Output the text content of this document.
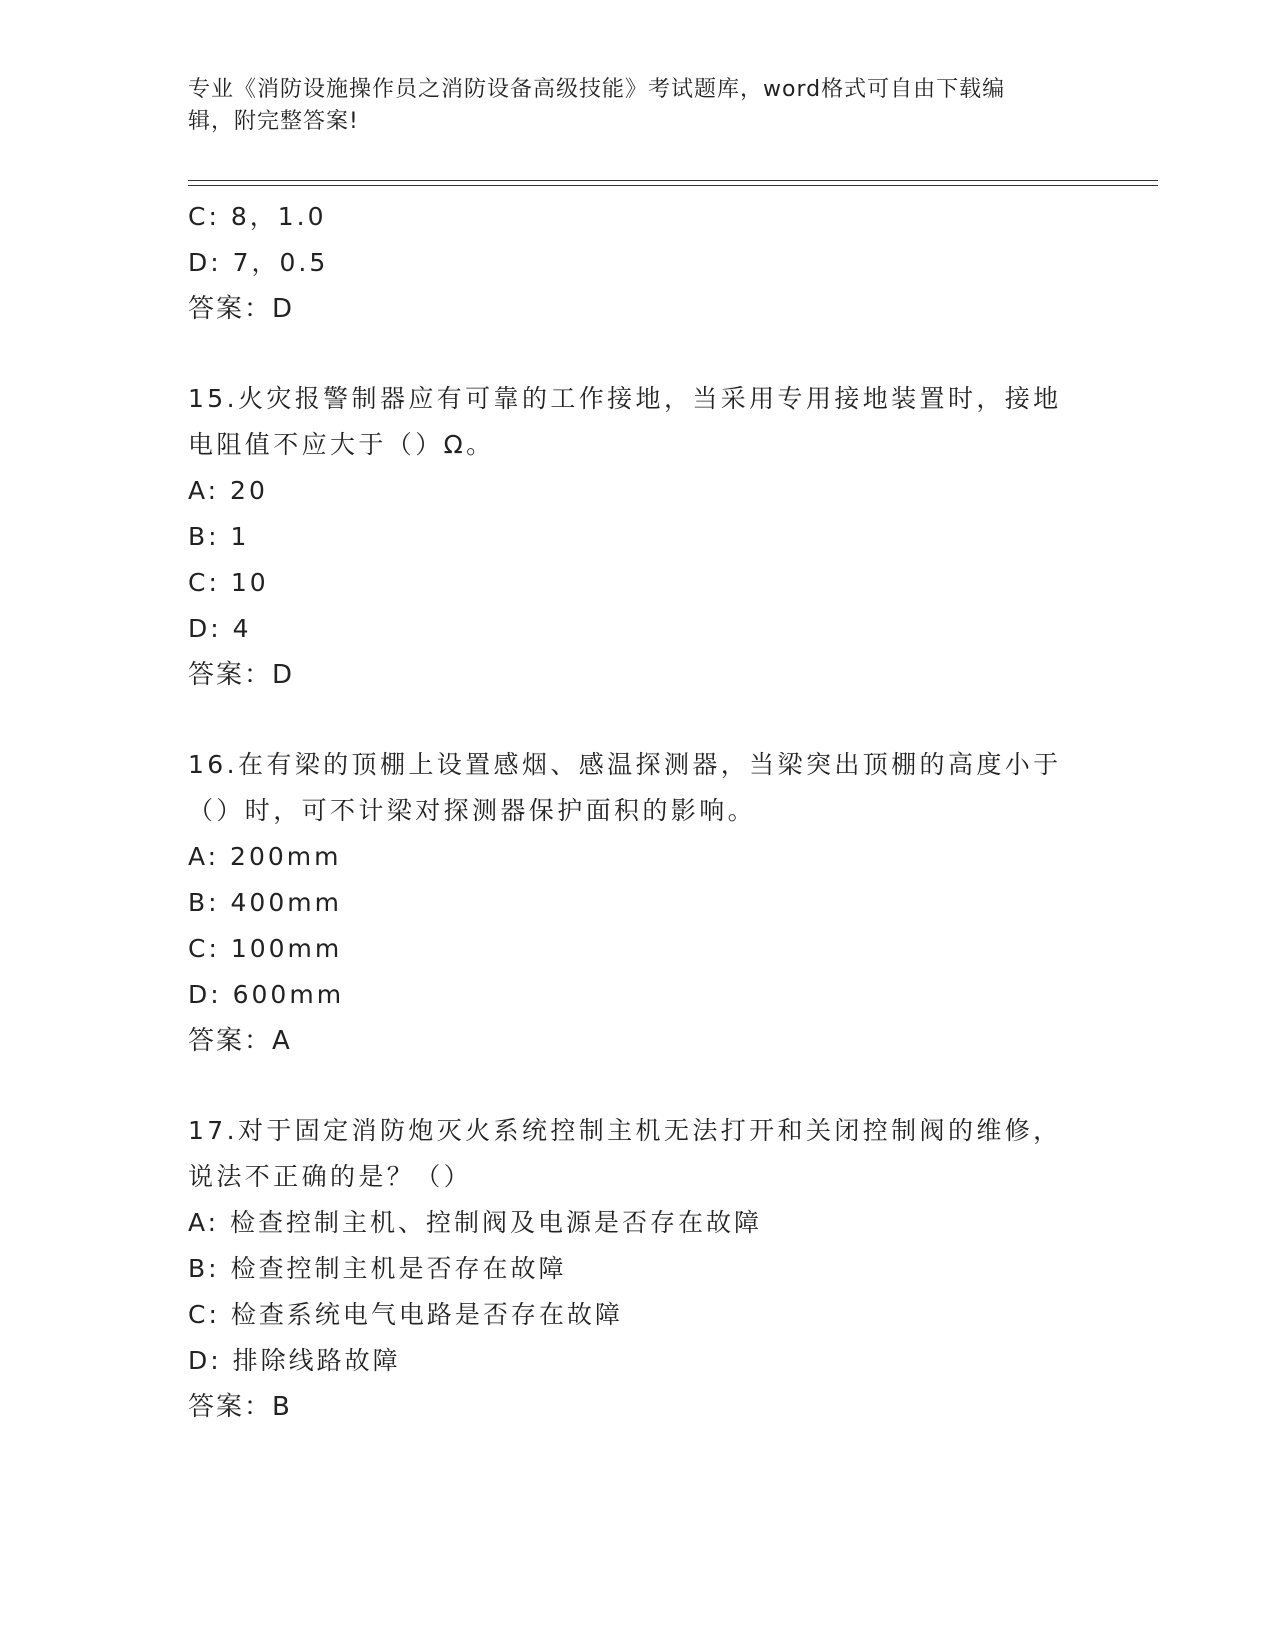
专业《消防设施操作员之消防设备高级技能》考试题库，word格式可自由下载编
辑，附完整答案!
C: 8，1.0
D: 7，0.5
答案：D
15.火灾报警制器应有可靠的工作接地，当采用专用接地装置时，接地
电阻值不应大于（）Ω。
A: 20
B: 1
C: 10
D: 4
答案：D
16.在有梁的顶棚上设置感烟、感温探测器，当梁突出顶棚的高度小于
（）时，可不计梁对探测器保护面积的影响。
A: 200mm
B: 400mm
C: 100mm
D: 600mm
答案：A
17.对于固定消防炮灭火系统控制主机无法打开和关闭控制阀的维修，
说法不正确的是？（）
A: 检查控制主机、控制阀及电源是否存在故障
B: 检查控制主机是否存在故障
C: 检查系统电气电路是否存在故障
D: 排除线路故障
答案：B
